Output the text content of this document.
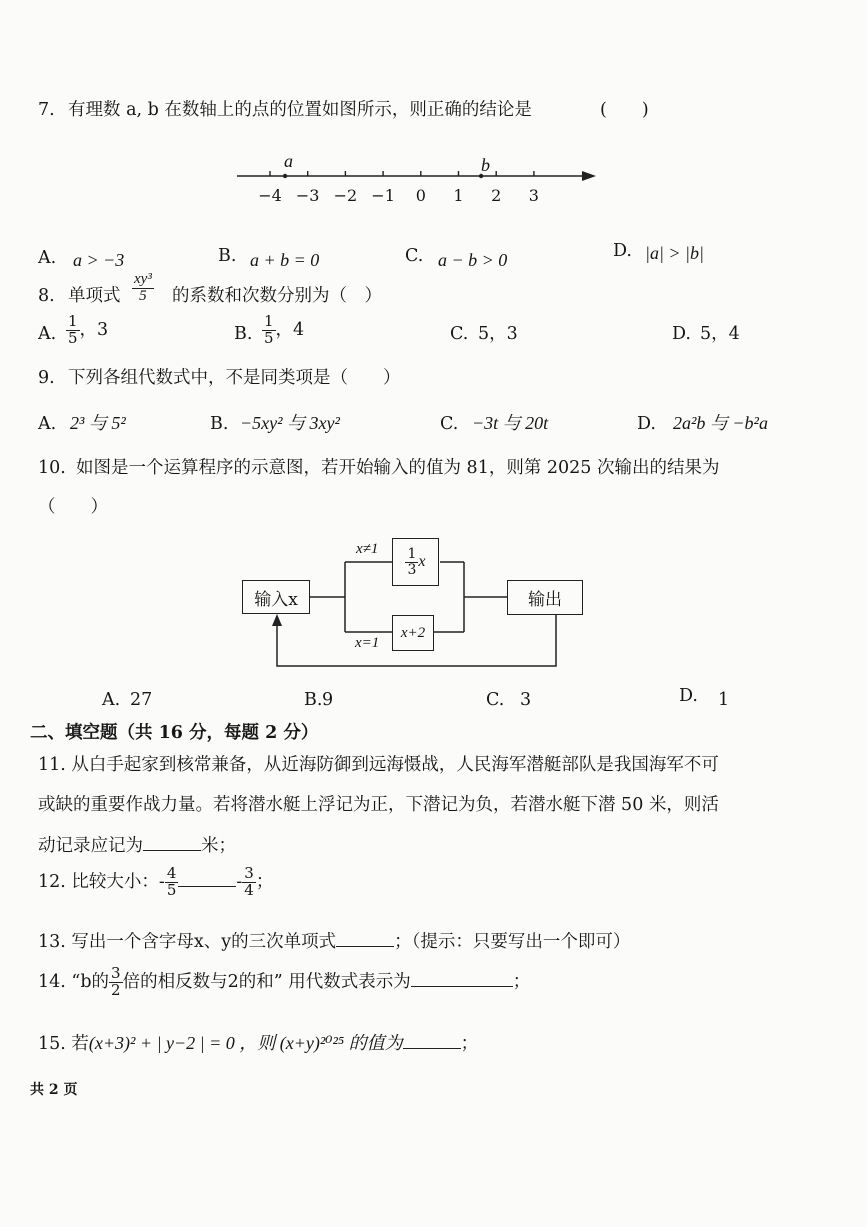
7. 有理数 a, b 在数轴上的点的位置如图所示，则正确的结论是	(　　)
a	b
−4 −3 −2 −1	0	1	2	3
A. a > −3	B. a + b = 0	C. a − b > 0	D. |a| > |b|
8. 单项式 $\frac{\text{xy³}}{5}$ 的系数和次数分别为（　）
A. $\frac{1}{5}$ ，3	B. $\frac{1}{5}$ ，4	C. 5，3	D. 5，4
9. 下列各组代数式中，不是同类项是（　　）
A. 2³ 与 5²	B. −5xy² 与 3xy²	C. −3t 与 20t	D. 2a²b 与 −b²a
10. 如图是一个运算程序的示意图，若开始输入的值为 81，则第 2025 次输出的结果为
（　　）
输入x	输出
$\frac{1}{3}$ x
x+2
x≠1
x=1
A. 27	B. 9	C. 3	D. 1
二、填空题（共 16 分，每题 2 分）
11. 从白手起家到核常兼备，从近海防御到远海慑战，人民海军潜艇部队是我国海军不可
或缺的重要作战力量。若将潜水艇上浮记为正，下潜记为负，若潜水艇下潜 50 米，则活
动记录应记为	米；
12. 比较大小：- $\frac{4}{5}$	- $\frac{3}{4}$ ；
13. 写出一个含字母x、y的三次单项式	；（提示：只要写出一个即可）
14. “b的 $\frac{3}{2}$ 倍的相反数与2的和” 用代数式表示为	；
15. 若(x+3)² + | y−2 | = 0 ，则 (x+y)²⁰²⁵ 的值为	；
共 2 页
